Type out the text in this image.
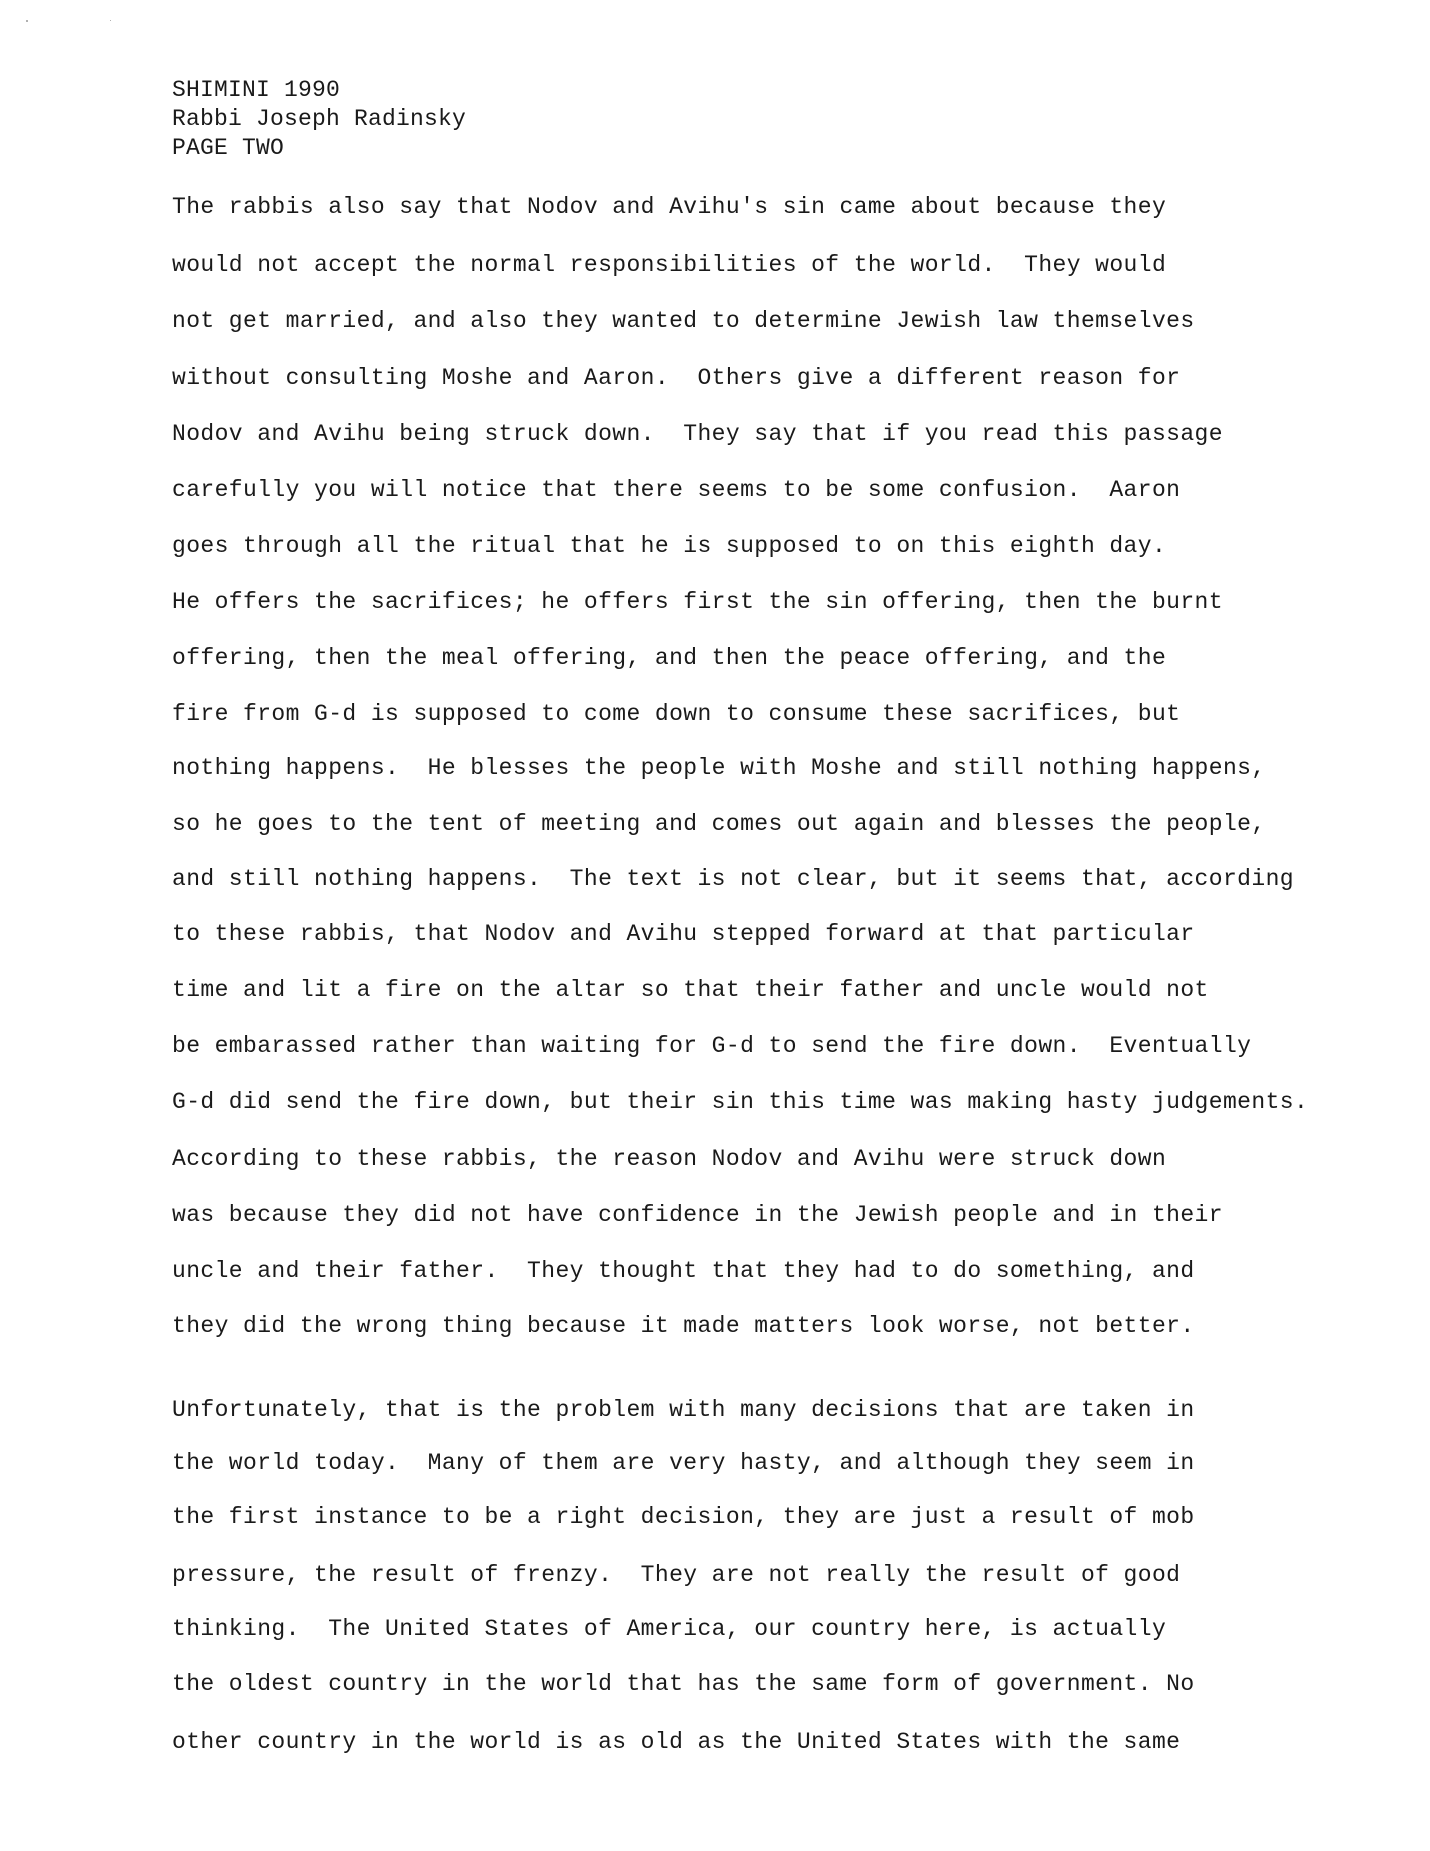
SHIMINI 1990
Rabbi Joseph Radinsky
PAGE TWO
The rabbis also say that Nodov and Avihu's sin came about because they
would not accept the normal responsibilities of the world.  They would
not get married, and also they wanted to determine Jewish law themselves
without consulting Moshe and Aaron.  Others give a different reason for
Nodov and Avihu being struck down.  They say that if you read this passage
carefully you will notice that there seems to be some confusion.  Aaron
goes through all the ritual that he is supposed to on this eighth day.
He offers the sacrifices; he offers first the sin offering, then the burnt
offering, then the meal offering, and then the peace offering, and the
fire from G-d is supposed to come down to consume these sacrifices, but
nothing happens.  He blesses the people with Moshe and still nothing happens,
so he goes to the tent of meeting and comes out again and blesses the people,
and still nothing happens.  The text is not clear, but it seems that, according
to these rabbis, that Nodov and Avihu stepped forward at that particular
time and lit a fire on the altar so that their father and uncle would not
be embarassed rather than waiting for G-d to send the fire down.  Eventually
G-d did send the fire down, but their sin this time was making hasty judgements.
According to these rabbis, the reason Nodov and Avihu were struck down
was because they did not have confidence in the Jewish people and in their
uncle and their father.  They thought that they had to do something, and
they did the wrong thing because it made matters look worse, not better.
Unfortunately, that is the problem with many decisions that are taken in
the world today.  Many of them are very hasty, and although they seem in
the first instance to be a right decision, they are just a result of mob
pressure, the result of frenzy.  They are not really the result of good
thinking.  The United States of America, our country here, is actually
the oldest country in the world that has the same form of government. No
other country in the world is as old as the United States with the same
